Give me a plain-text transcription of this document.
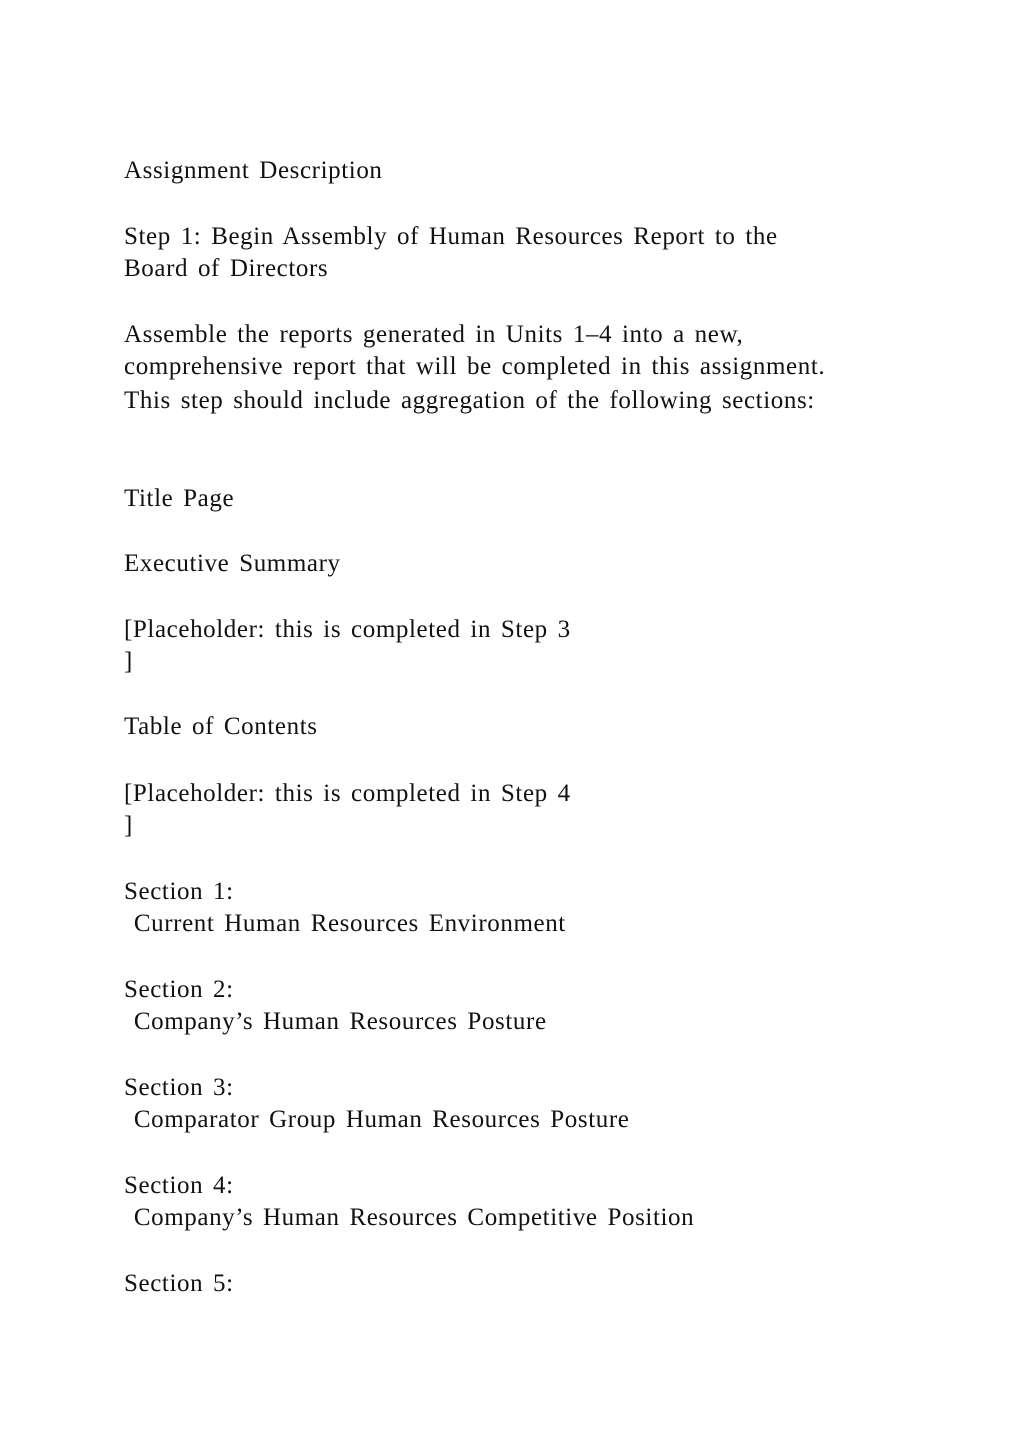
Assignment Description

Step 1: Begin Assembly of Human Resources Report to the

Board of Directors

Assemble the reports generated in Units 1–4 into a new,

comprehensive report that will be completed in this assignment.

This step should include aggregation of the following sections:

Title Page

Executive Summary

[Placeholder: this is completed in Step 3

]

Table of Contents

[Placeholder: this is completed in Step 4

]

Section 1:

Current Human Resources Environment

Section 2:

Company’s Human Resources Posture

Section 3:

Comparator Group Human Resources Posture

Section 4:

Company’s Human Resources Competitive Position

Section 5:
